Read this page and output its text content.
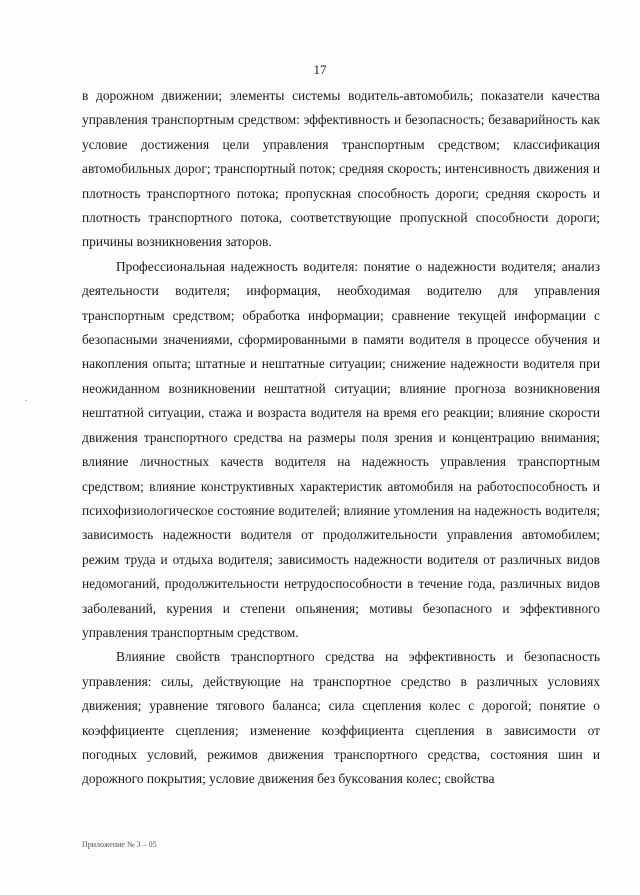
17

в дорожном движении; элементы системы водитель-автомобиль; показатели качества управления транспортным средством: эффективность и безопасность; безаварийность как условие достижения цели управления транспортным средством; классификация автомобильных дорог; транспортный поток; средняя скорость; интенсивность движения и плотность транспортного потока; пропускная способность дороги; средняя скорость и плотность транспортного потока, соответствующие пропускной способности дороги; причины возникновения заторов.

Профессиональная надежность водителя: понятие о надежности водителя; анализ деятельности водителя; информация, необходимая водителю для управления транспортным средством; обработка информации; сравнение текущей информации с безопасными значениями, сформированными в памяти водителя в процессе обучения и накопления опыта; штатные и нештатные ситуации; снижение надежности водителя при неожиданном возникновении нештатной ситуации; влияние прогноза возникновения нештатной ситуации, стажа и возраста водителя на время его реакции; влияние скорости движения транспортного средства на размеры поля зрения и концентрацию внимания; влияние личностных качеств водителя на надежность управления транспортным средством; влияние конструктивных характеристик автомобиля на работоспособность и психофизиологическое состояние водителей; влияние утомления на надежность водителя; зависимость надежности водителя от продолжительности управления автомобилем; режим труда и отдыха водителя; зависимость надежности водителя от различных видов недомоганий, продолжительности нетрудоспособности в течение года, различных видов заболеваний, курения и степени опьянения; мотивы безопасного и эффективного управления транспортным средством.

Влияние свойств транспортного средства на эффективность и безопасность управления: силы, действующие на транспортное средство в различных условиях движения; уравнение тягового баланса; сила сцепления колес с дорогой; понятие о коэффициенте сцепления; изменение коэффициента сцепления в зависимости от погодных условий, режимов движения транспортного средства, состояния шин и дорожного покрытия; условие движения без буксования колес; свойства

Приложение № 3 – 05
